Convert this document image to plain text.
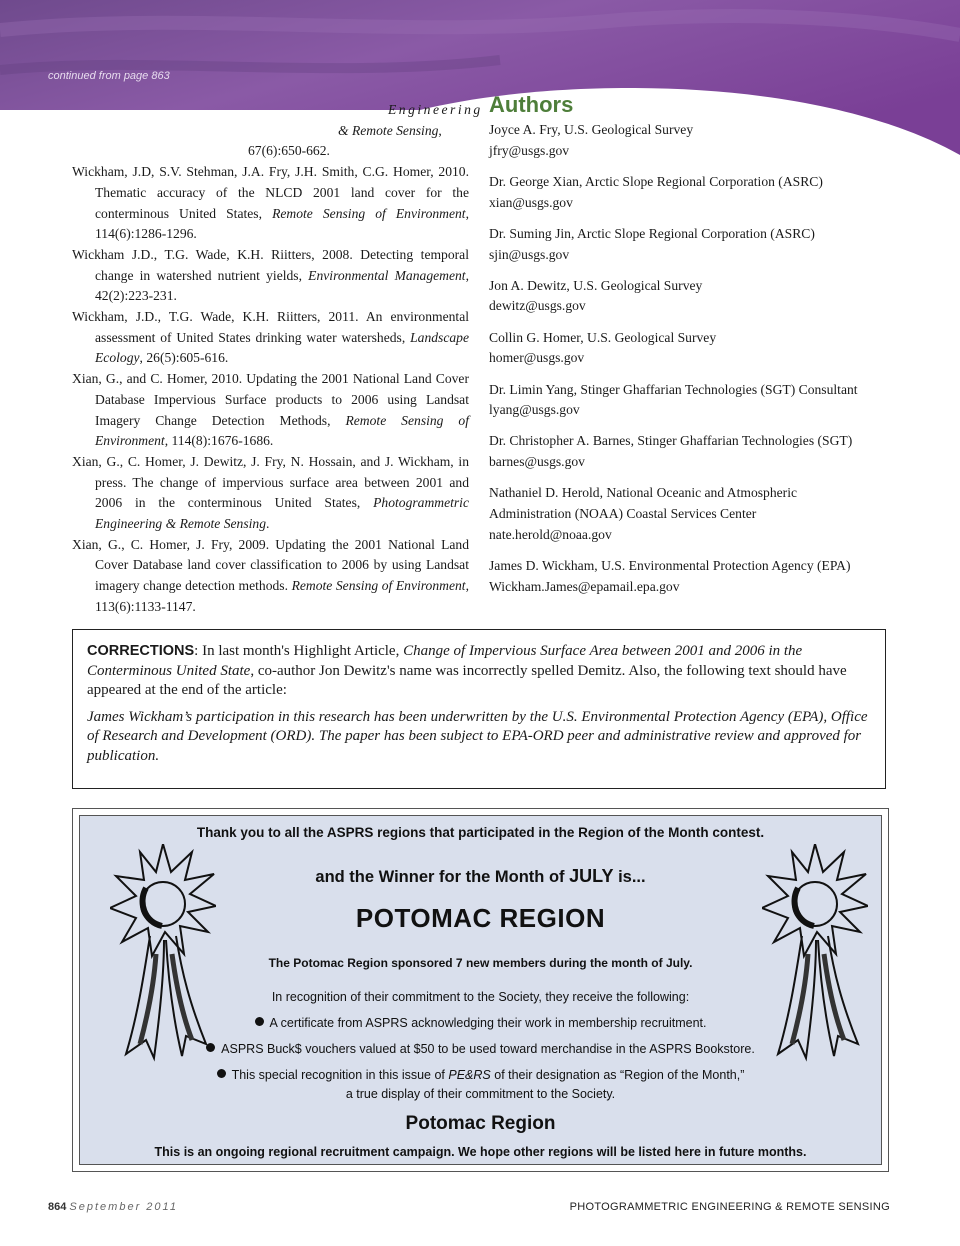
continued from page 863

Engineering

& Remote Sensing,

67(6):650-662.

Wickham, J.D, S.V. Stehman, J.A. Fry, J.H. Smith, C.G. Homer, 2010. Thematic accuracy of the NLCD 2001 land cover for the conterminous United States, Remote Sensing of Environment, 114(6):1286-1296.

Wickham J.D., T.G. Wade, K.H. Riitters, 2008. Detecting temporal change in watershed nutrient yields, Environmental Management, 42(2):223-231.

Wickham, J.D., T.G. Wade, K.H. Riitters, 2011. An environmental assessment of United States drinking water watersheds, Landscape Ecology, 26(5):605-616.

Xian, G., and C. Homer, 2010. Updating the 2001 National Land Cover Database Impervious Surface products to 2006 using Landsat Imagery Change Detection Methods, Remote Sensing of Environment, 114(8):1676-1686.

Xian, G., C. Homer, J. Dewitz, J. Fry, N. Hossain, and J. Wickham, in press. The change of impervious surface area between 2001 and 2006 in the conterminous United States, Photogrammetric Engineering & Remote Sensing.

Xian, G., C. Homer, J. Fry, 2009. Updating the 2001 National Land Cover Database land cover classification to 2006 by using Landsat imagery change detection methods. Remote Sensing of Environment, 113(6):1133-1147.

Authors
Joyce A. Fry, U.S. Geological Survey
jfry@usgs.gov
Dr. George Xian, Arctic Slope Regional Corporation (ASRC)
xian@usgs.gov
Dr. Suming Jin, Arctic Slope Regional Corporation (ASRC)
sjin@usgs.gov
Jon A. Dewitz, U.S. Geological Survey
dewitz@usgs.gov
Collin G. Homer, U.S. Geological Survey
homer@usgs.gov
Dr. Limin Yang, Stinger Ghaffarian Technologies (SGT) Consultant
lyang@usgs.gov
Dr. Christopher A. Barnes, Stinger Ghaffarian Technologies (SGT)
barnes@usgs.gov
Nathaniel D. Herold, National Oceanic and Atmospheric
Administration (NOAA) Coastal Services Center
nate.herold@noaa.gov
James D. Wickham, U.S. Environmental Protection Agency (EPA)
Wickham.James@epamail.epa.gov

CORRECTIONS: In last month's Highlight Article, Change of Impervious Surface Area between 2001 and 2006 in the Conterminous United State, co-author Jon Dewitz's name was incorrectly spelled Demitz. Also, the following text should have appeared at the end of the article:

James Wickham’s participation in this research has been underwritten by the U.S. Environmental Protection Agency (EPA), Office of Research and Development (ORD). The paper has been subject to EPA-ORD peer and administrative review and approved for publication.

Thank you to all the ASPRS regions that participated in the Region of the Month contest.

and the Winner for the Month of JULY is...

POTOMAC REGION

The Potomac Region sponsored 7 new members during the month of July.

In recognition of their commitment to the Society, they receive the following:

A certificate from ASPRS acknowledging their work in membership recruitment.

ASPRS Buck$ vouchers valued at $50 to be used toward merchandise in the ASPRS Bookstore.

This special recognition in this issue of PE&RS of their designation as “Region of the Month,”

a true display of their commitment to the Society.

Potomac Region

This is an ongoing regional recruitment campaign. We hope other regions will be listed here in future months.

864 September 2011	PHOTOGRAMMETRIC ENGINEERING & REMOTE SENSING
